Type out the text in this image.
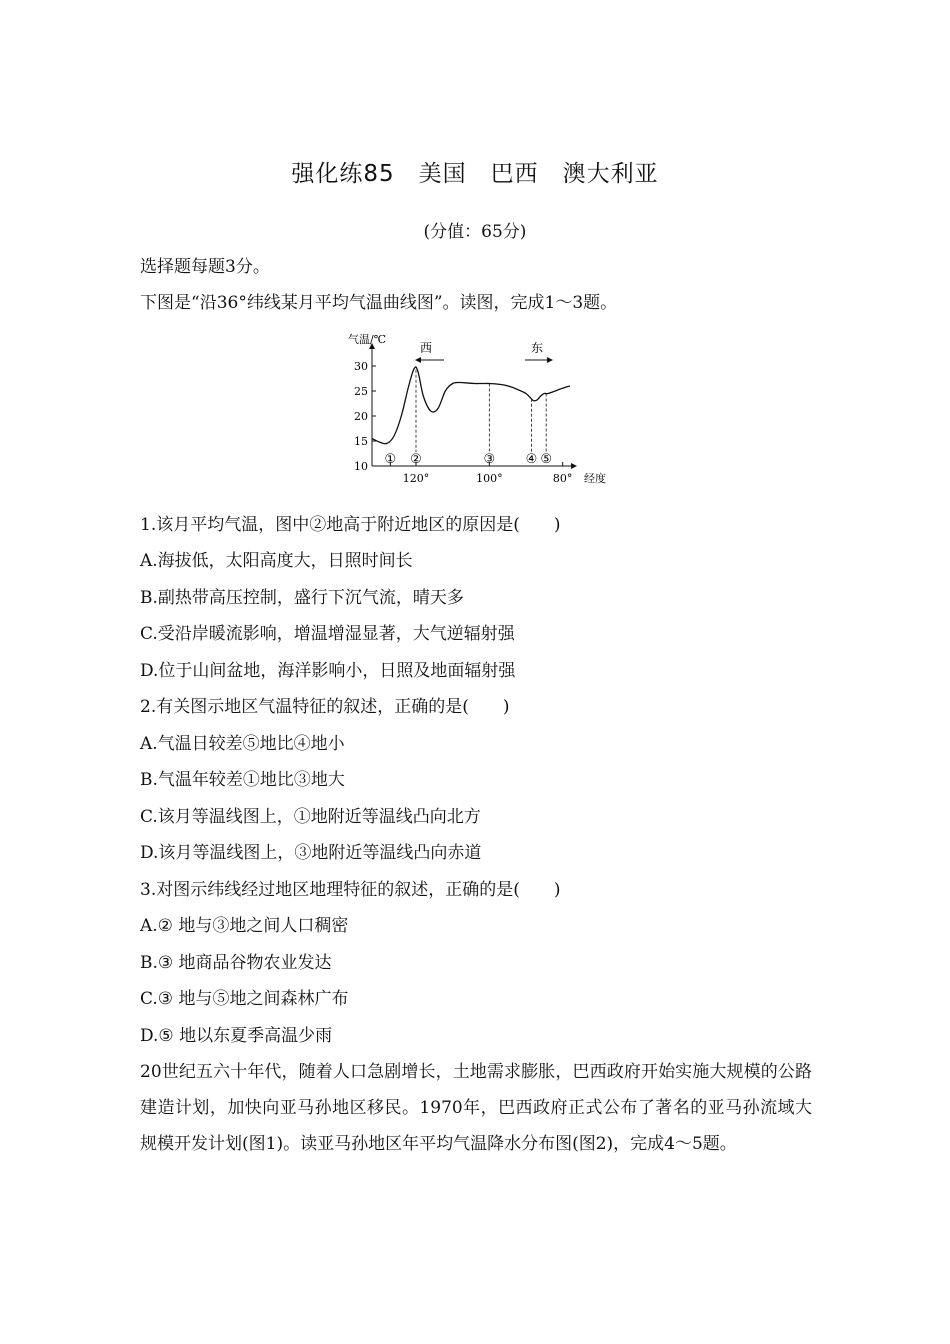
强化练85　美国　巴西　澳大利亚
(分值：65分)
选择题每题3分。
下图是“沿36°纬线某月平均气温曲线图”。读图，完成1～3题。
气温/℃
经度
30
25
20
15
10
120°	100°	80°
① ②	③ ④ ⑤
西	东
1.该月平均气温，图中②地高于附近地区的原因是(　　)
A.海拔低，太阳高度大，日照时间长
B.副热带高压控制，盛行下沉气流，晴天多
C.受沿岸暖流影响，增温增湿显著，大气逆辐射强
D.位于山间盆地，海洋影响小，日照及地面辐射强
2.有关图示地区气温特征的叙述，正确的是(　　)
A.气温日较差⑤地比④地小
B.气温年较差①地比③地大
C.该月等温线图上，①地附近等温线凸向北方
D.该月等温线图上，③地附近等温线凸向赤道
3.对图示纬线经过地区地理特征的叙述，正确的是(　　)
A.② 地与③地之间人口稠密
B.③ 地商品谷物农业发达
C.③ 地与⑤地之间森林广布
D.⑤ 地以东夏季高温少雨
20世纪五六十年代，随着人口急剧增长，土地需求膨胀，巴西政府开始实施大规模的公路建造计划，加快向亚马孙地区移民。1970年，巴西政府正式公布了著名的亚马孙流域大规模开发计划(图1)。读亚马孙地区年平均气温降水分布图(图2)，完成4～5题。
